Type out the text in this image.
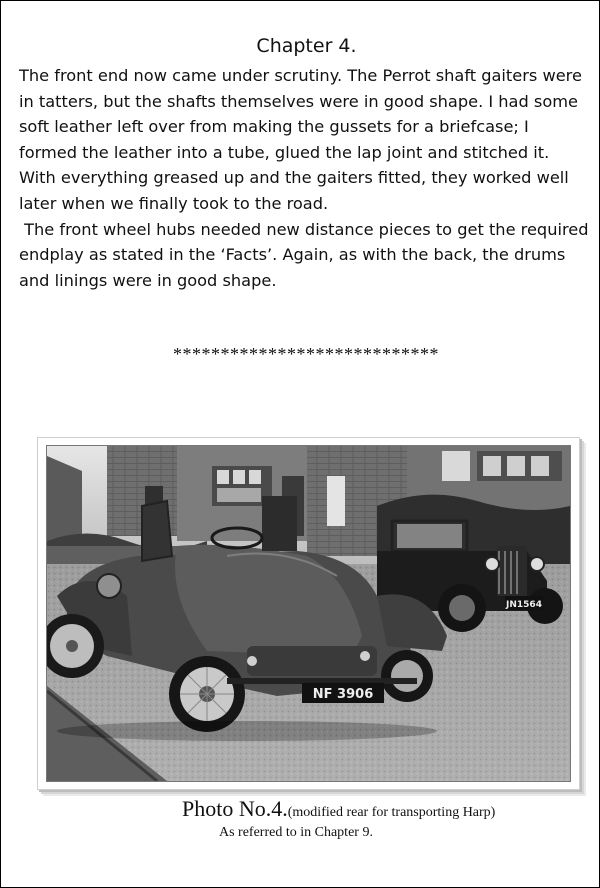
Chapter 4.

The front end now came under scrutiny. The Perrot shaft gaiters were in tatters, but the shafts themselves were in good shape. I had some soft leather left over from making the gussets for a briefcase; I formed the leather into a tube, glued the lap joint and stitched it. With everything greased up and the gaiters fitted, they worked well later when we finally took to the road.

The front wheel hubs needed new distance pieces to get the required endplay as stated in the ‘Facts’. Again, as with the back, the drums and linings were in good shape.

****************************
JN1564
NF 3906
Photo No.4.(modified rear for transporting Harp)
As referred to in Chapter 9.
